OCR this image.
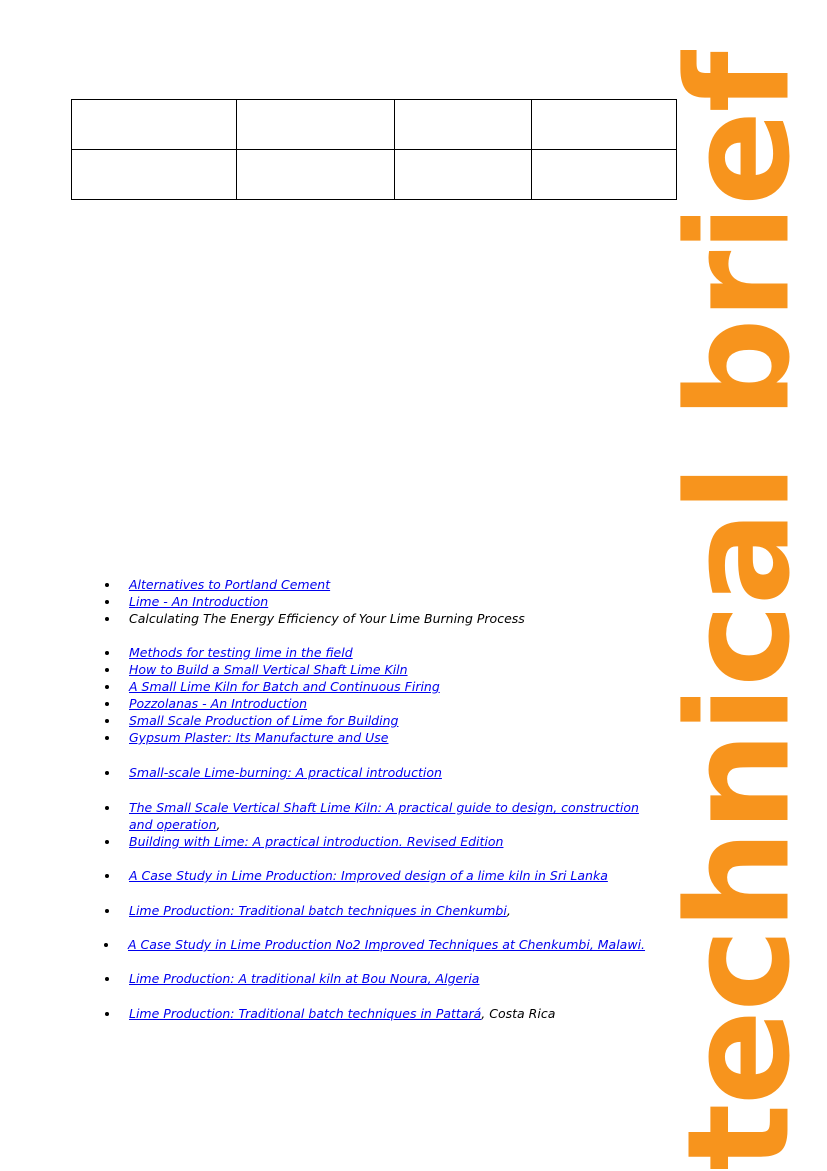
technical brief
Alternatives to Portland Cement
Lime - An Introduction
Calculating The Energy Efficiency of Your Lime Burning Process
Methods for testing lime in the field
How to Build a Small Vertical Shaft Lime Kiln
A Small Lime Kiln for Batch and Continuous Firing
Pozzolanas - An Introduction
Small Scale Production of Lime for Building
Gypsum Plaster: Its Manufacture and Use
Small-scale Lime-burning: A practical introduction
The Small Scale Vertical Shaft Lime Kiln: A practical guide to design, construction and operation,
Building with Lime: A practical introduction. Revised Edition
A Case Study in Lime Production: Improved design of a lime kiln in Sri Lanka
Lime Production: Traditional batch techniques in Chenkumbi,
A Case Study in Lime Production No2 Improved Techniques at Chenkumbi, Malawi.
Lime Production: A traditional kiln at Bou Noura, Algeria
Lime Production: Traditional batch techniques in Pattará, Costa Rica
